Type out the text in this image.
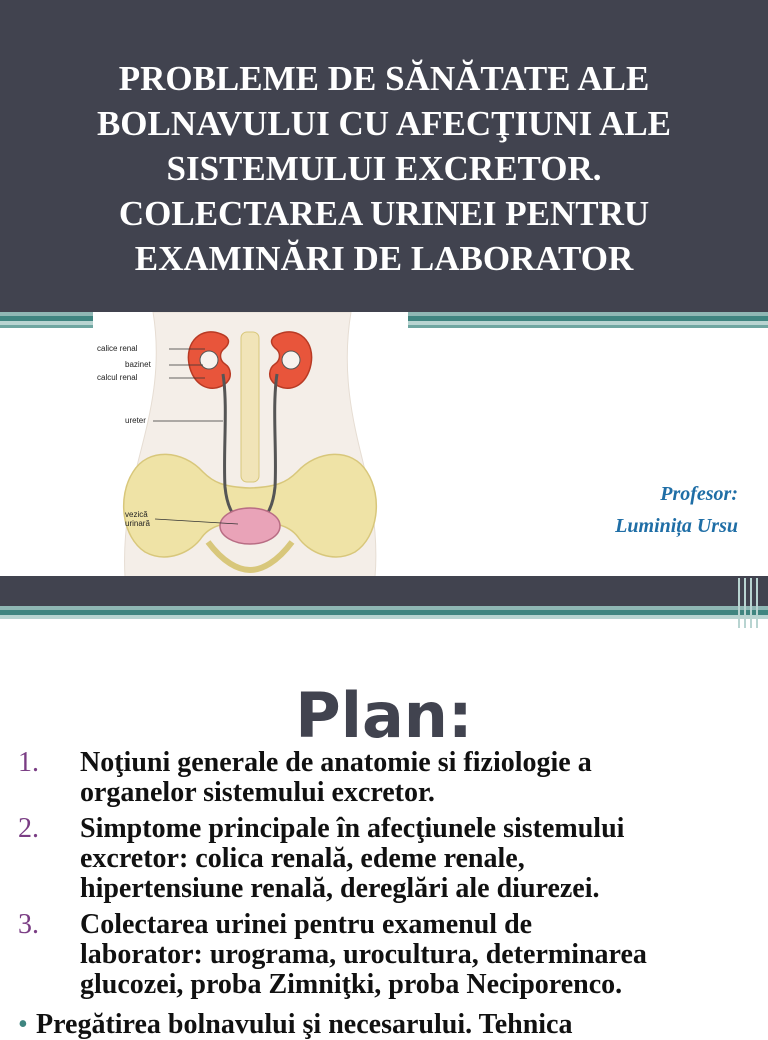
PROBLEME DE SĂNĂTATE ALE
BOLNAVULUI CU AFECŢIUNI ALE
SISTEMULUI EXCRETOR.
COLECTAREA URINEI PENTRU
EXAMINĂRI DE LABORATOR
calice renal
bazinet
calcul renal
ureter
vezică
urinară
Profesor:
Luminița Ursu
Plan:
1. Noţiuni generale de anatomie si fiziologie a
organelor sistemului excretor.
2. Simptome principale în afecţiunele sistemului
excretor: colica renală, edeme renale,
hipertensiune renală, dereglări ale diurezei.
3. Colectarea urinei pentru examenul de
laborator: urograma, urocultura, determinarea
glucozei, proba Zimniţki, proba Neciporenco.
• Pregătirea bolnavului şi necesarului. Tehnica
